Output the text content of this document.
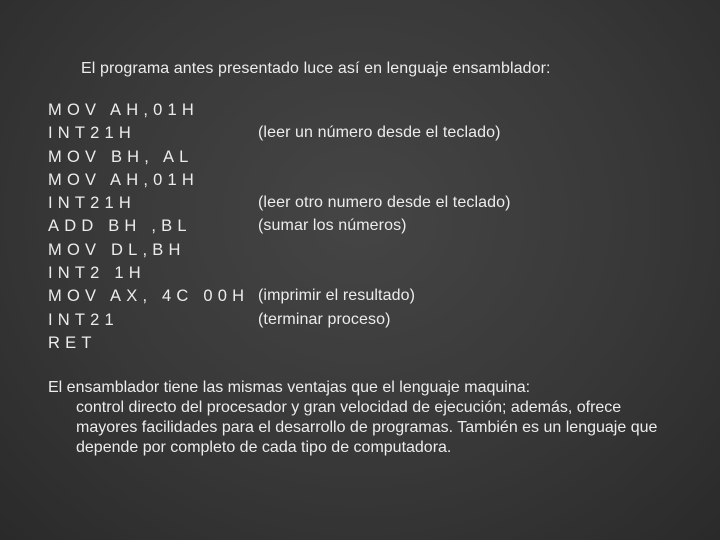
El programa antes presentado luce así en lenguaje ensamblador:
MOV AH,01H
INT21H	(leer un número desde el teclado)
MOV BH, AL
MOV AH,01H
INT21H	(leer otro numero desde el teclado)
ADD BH ,BL	(sumar los números)
MOV DL,BH
INT2 1H
MOV AX, 4C 00H (imprimir el resultado)
INT21	(terminar proceso)
RET
El ensamblador tiene las mismas ventajas que el lenguaje maquina:
control directo del procesador y gran velocidad de ejecución; además, ofrece mayores facilidades para el desarrollo de programas. También es un lenguaje que depende por completo de cada tipo de computadora.
